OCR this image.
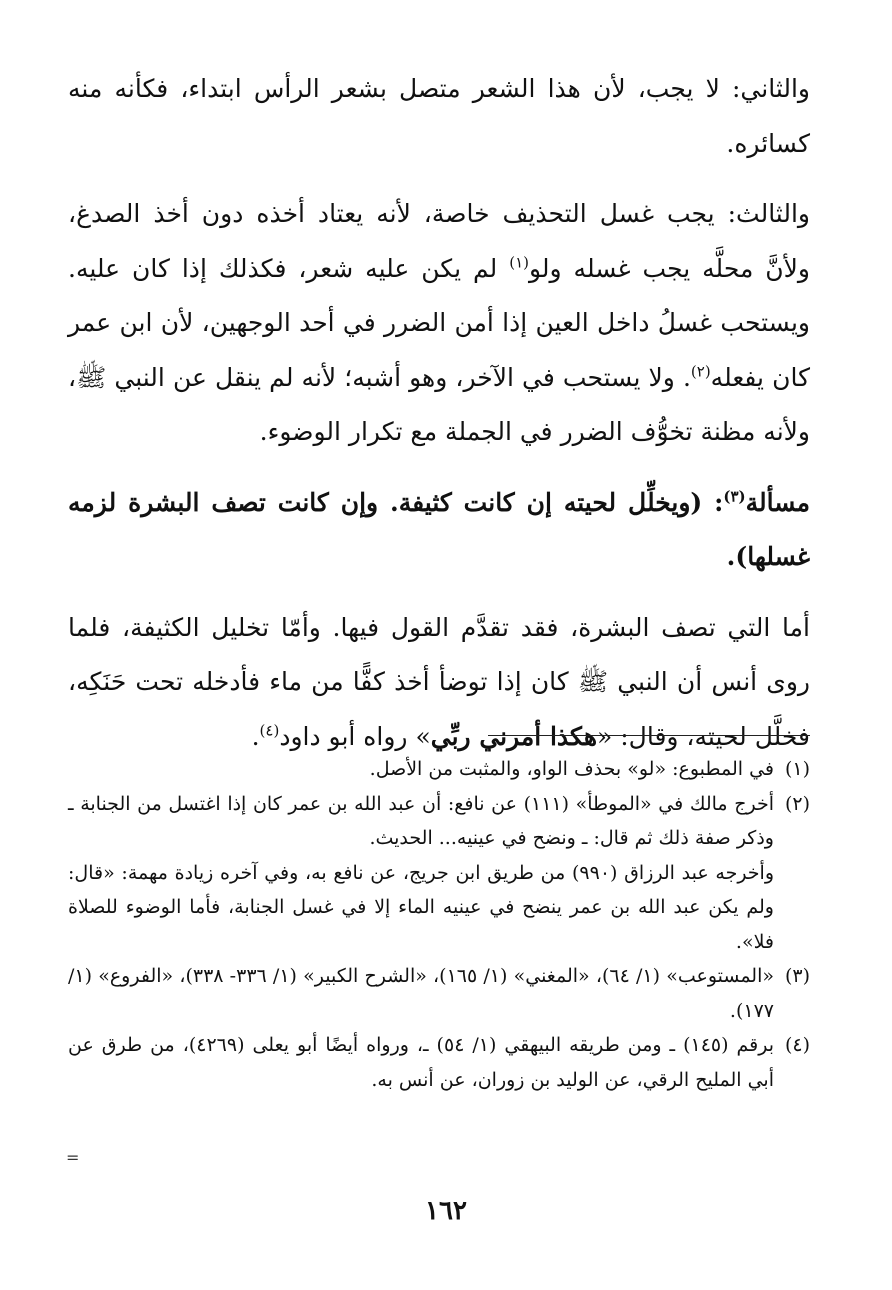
والثاني: لا يجب، لأن هذا الشعر متصل بشعر الرأس ابتداء، فكأنه منه كسائره.

والثالث: يجب غسل التحذيف خاصة، لأنه يعتاد أخذه دون أخذ الصدغ، ولأنَّ محلَّه يجب غسله ولو$^{(١)}$ لم يكن عليه شعر، فكذلك إذا كان عليه. ويستحب غسلُ داخل العين إذا أمن الضرر في أحد الوجهين، لأن ابن عمر كان يفعله$^{(٢)}$. ولا يستحب في الآخر، وهو أشبه؛ لأنه لم ينقل عن النبي ﷺ، ولأنه مظنة تخوُّف الضرر في الجملة مع تكرار الوضوء.

مسألة$^{(٣)}$: (ويخلِّل لحيته إن كانت كثيفة. وإن كانت تصف البشرة لزمه غسلها).

أما التي تصف البشرة، فقد تقدَّم القول فيها. وأمّا تخليل الكثيفة، فلما روى أنس أن النبي ﷺ كان إذا توضأ أخذ كفًّا من ماء فأدخله تحت حَنَكِه، فخلَّل لحيته، وقال: «هكذا أمرني ربِّي» رواه أبو داود$^{(٤)}$.

(١)

في المطبوع: «لو» بحذف الواو، والمثبت من الأصل.

(٢)

أخرج مالك في «الموطأ» (١١١) عن نافع: أن عبد الله بن عمر كان إذا اغتسل من الجنابة ـ وذكر صفة ذلك ثم قال: ـ ونضح في عينيه... الحديث.

وأخرجه عبد الرزاق (٩٩٠) من طريق ابن جريج، عن نافع به، وفي آخره زيادة مهمة: «قال: ولم يكن عبد الله بن عمر ينضح في عينيه الماء إلا في غسل الجنابة، فأما الوضوء للصلاة فلا».

(٣)

«المستوعب» (١/ ٦٤)، «المغني» (١/ ١٦٥)، «الشرح الكبير» (١/ ٣٣٦- ٣٣٨)، «الفروع» (١/ ١٧٧).

(٤)

برقم (١٤٥) ـ ومن طريقه البيهقي (١/ ٥٤) ـ، ورواه أيضًا أبو يعلى (٤٢٦٩)، من طرق عن أبي المليح الرقي، عن الوليد بن زوران، عن أنس به.

=
١٦٢
